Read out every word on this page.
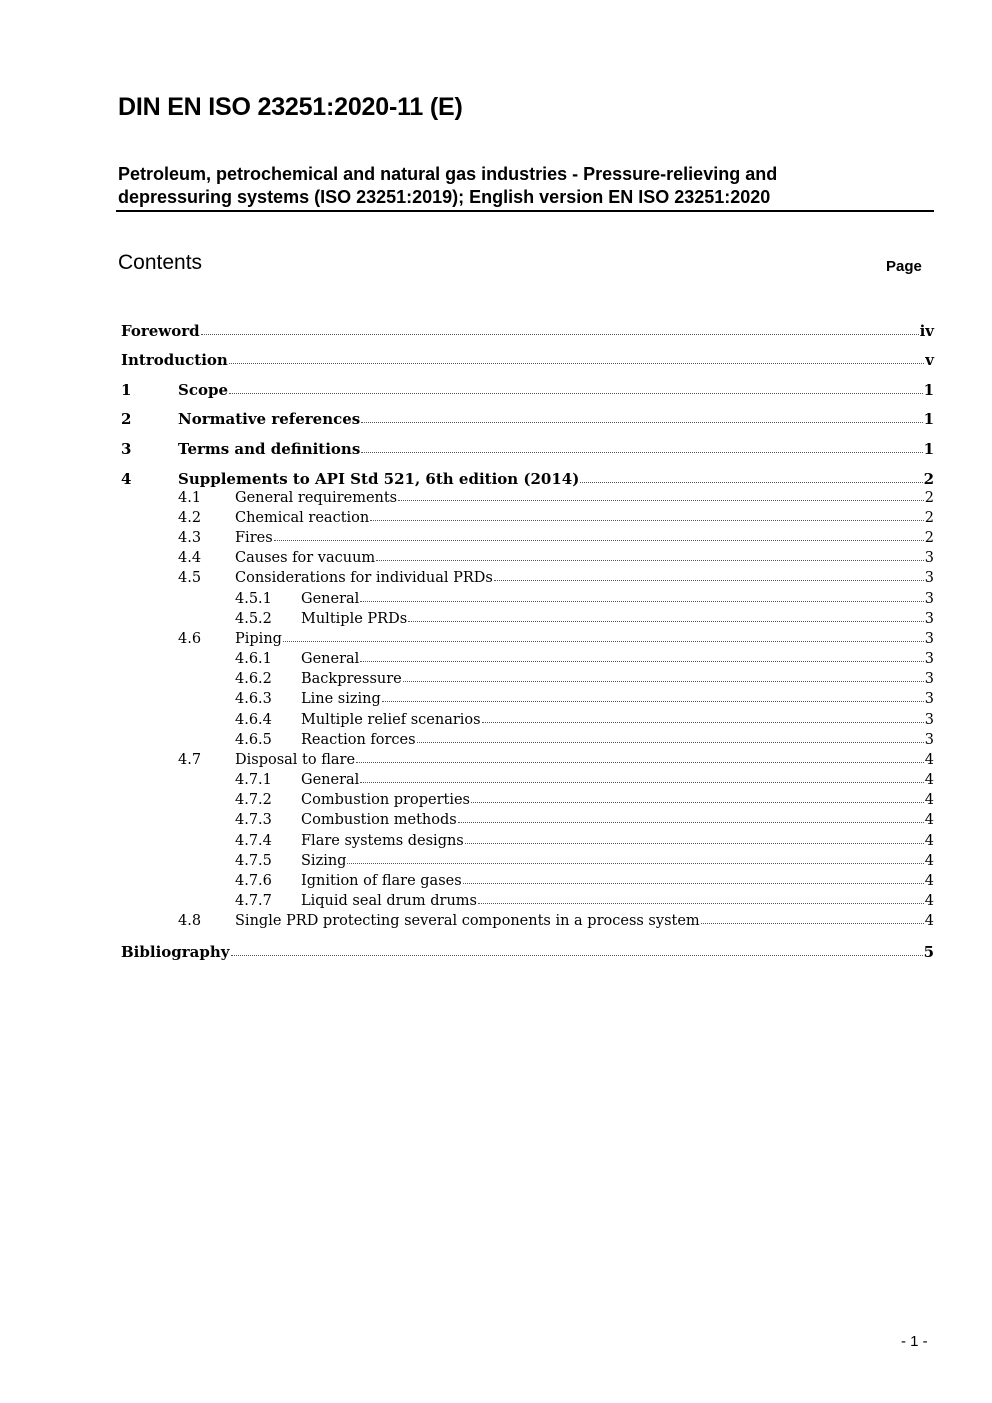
DIN EN ISO 23251:2020-11 (E)
Petroleum, petrochemical and natural gas industries - Pressure-relieving and
depressuring systems (ISO 23251:2019); English version EN ISO 23251:2020
Contents	Page
Foreword	iv
Introduction	v
1	Scope	1
2	Normative references	1
3	Terms and definitions	1
4	Supplements to API Std 521, 6th edition (2014)	2
4.1	General requirements	2
4.2	Chemical reaction	2
4.3	Fires	2
4.4	Causes for vacuum	3
4.5	Considerations for individual PRDs	3
4.5.1	General	3
4.5.2	Multiple PRDs	3
4.6	Piping	3
4.6.1	General	3
4.6.2	Backpressure	3
4.6.3	Line sizing	3
4.6.4	Multiple relief scenarios	3
4.6.5	Reaction forces	3
4.7	Disposal to flare	4
4.7.1	General	4
4.7.2	Combustion properties	4
4.7.3	Combustion methods	4
4.7.4	Flare systems designs	4
4.7.5	Sizing	4
4.7.6	Ignition of flare gases	4
4.7.7	Liquid seal drum drums	4
4.8	Single PRD protecting several components in a process system	4
Bibliography	5
- 1 -
